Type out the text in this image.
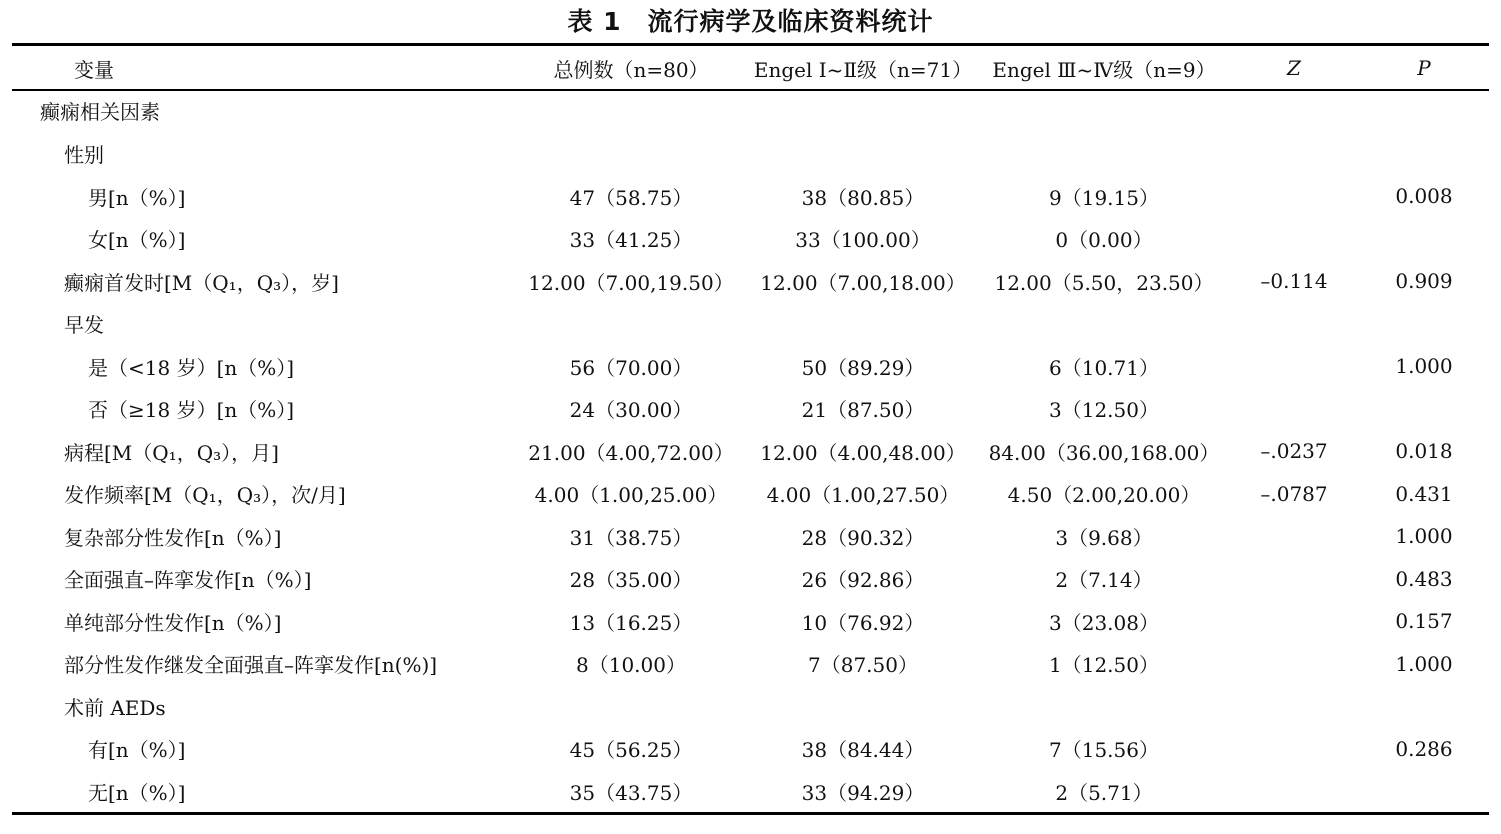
表 1　流行病学及临床资料统计
变量	总例数（n=80）	Engel Ⅰ~Ⅱ级（n=71）	Engel Ⅲ~Ⅳ级（n=9）	Z	P
癫痫相关因素					
性别					
男[n（%）]	47（58.75）	38（80.85）	9（19.15）		0.008
女[n（%）]	33（41.25）	33（100.00）	0（0.00）		
癫痫首发时[M（Q₁，Q₃），岁]	12.00（7.00,19.50）	12.00（7.00,18.00）	12.00（5.50，23.50）	–0.114	0.909
早发					
是（<18 岁）[n（%）]	56（70.00）	50（89.29）	6（10.71）		1.000
否（≥18 岁）[n（%）]	24（30.00）	21（87.50）	3（12.50）		
病程[M（Q₁，Q₃），月]	21.00（4.00,72.00）	12.00（4.00,48.00）	84.00（36.00,168.00）	–.0237	0.018
发作频率[M（Q₁，Q₃），次/月]	4.00（1.00,25.00）	4.00（1.00,27.50）	4.50（2.00,20.00）	–.0787	0.431
复杂部分性发作[n（%）]	31（38.75）	28（90.32）	3（9.68）		1.000
全面强直–阵挛发作[n（%）]	28（35.00）	26（92.86）	2（7.14）		0.483
单纯部分性发作[n（%）]	13（16.25）	10（76.92）	3（23.08）		0.157
部分性发作继发全面强直–阵挛发作[n(%)]	8（10.00）	7（87.50）	1（12.50）		1.000
术前 AEDs					
有[n（%）]	45（56.25）	38（84.44）	7（15.56）		0.286
无[n（%）]	35（43.75）	33（94.29）	2（5.71）		
